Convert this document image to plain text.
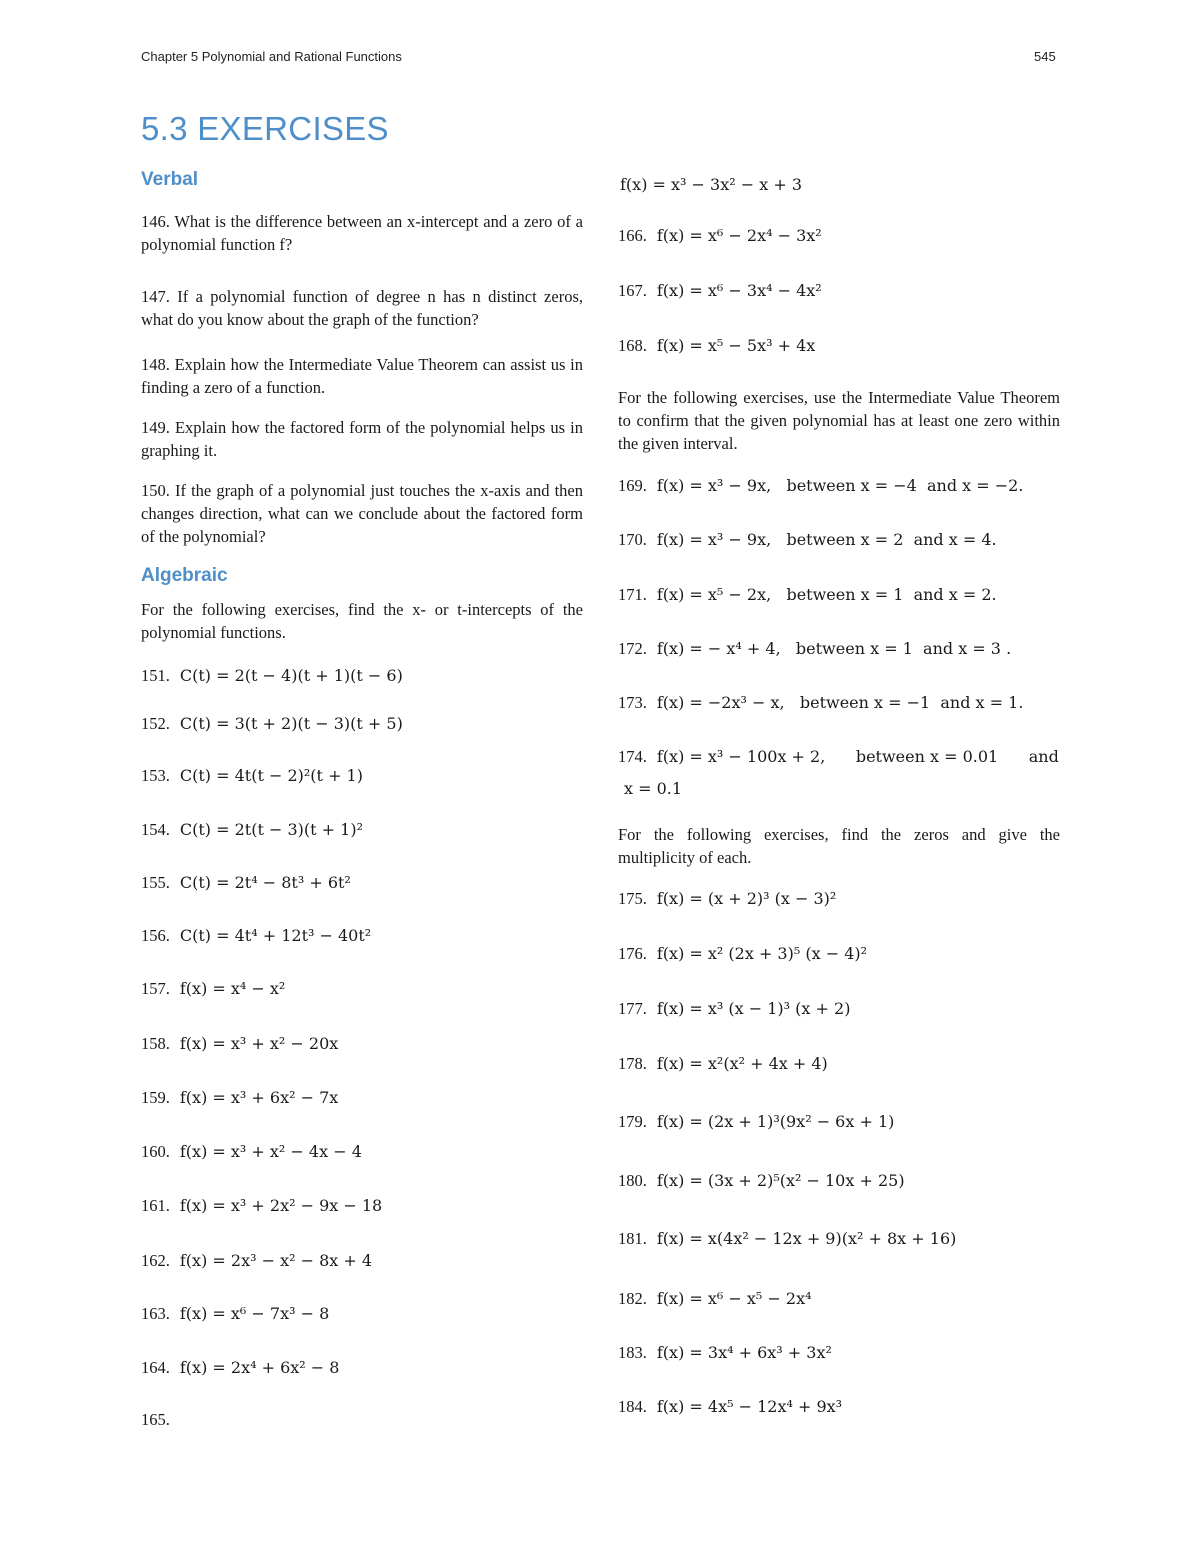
Chapter 5 Polynomial and Rational Functions	545
5.3 EXERCISES
Verbal
146. What is the difference between an x-intercept and a zero of a polynomial function f?
147. If a polynomial function of degree n has n distinct zeros, what do you know about the graph of the function?
148. Explain how the Intermediate Value Theorem can assist us in finding a zero of a function.
149. Explain how the factored form of the polynomial helps us in graphing it.
150. If the graph of a polynomial just touches the x-axis and then changes direction, what can we conclude about the factored form of the polynomial?
Algebraic
For the following exercises, find the x- or t-intercepts of the polynomial functions.
151. C(t) = 2(t − 4)(t + 1)(t − 6)
152. C(t) = 3(t + 2)(t − 3)(t + 5)
153. C(t) = 4t(t − 2)²(t + 1)
154. C(t) = 2t(t − 3)(t + 1)²
155. C(t) = 2t⁴ − 8t³ + 6t²
156. C(t) = 4t⁴ + 12t³ − 40t²
157. f(x) = x⁴ − x²
158. f(x) = x³ + x² − 20x
159. f(x) = x³ + 6x² − 7x
160. f(x) = x³ + x² − 4x − 4
161. f(x) = x³ + 2x² − 9x − 18
162. f(x) = 2x³ − x² − 8x + 4
163. f(x) = x⁶ − 7x³ − 8
164. f(x) = 2x⁴ + 6x² − 8
165.
f(x) = x³ − 3x² − x + 3
166. f(x) = x⁶ − 2x⁴ − 3x²
167. f(x) = x⁶ − 3x⁴ − 4x²
168. f(x) = x⁵ − 5x³ + 4x
For the following exercises, use the Intermediate Value Theorem to confirm that the given polynomial has at least one zero within the given interval.
169. f(x) = x³ − 9x,   between x = −4  and x = −2.
170. f(x) = x³ − 9x,   between x = 2  and x = 4.
171. f(x) = x⁵ − 2x,   between x = 1  and x = 2.
172. f(x) = − x⁴ + 4,   between x = 1  and x = 3 .
173. f(x) = −2x³ − x,   between x = −1  and x = 1.
174. f(x) = x³ − 100x + 2,      between x = 0.01      and
x = 0.1
For the following exercises, find the zeros and give the multiplicity of each.
175. f(x) = (x + 2)³ (x − 3)²
176. f(x) = x² (2x + 3)⁵ (x − 4)²
177. f(x) = x³ (x − 1)³ (x + 2)
178. f(x) = x²(x² + 4x + 4)
179. f(x) = (2x + 1)³(9x² − 6x + 1)
180. f(x) = (3x + 2)⁵(x² − 10x + 25)
181. f(x) = x(4x² − 12x + 9)(x² + 8x + 16)
182. f(x) = x⁶ − x⁵ − 2x⁴
183. f(x) = 3x⁴ + 6x³ + 3x²
184. f(x) = 4x⁵ − 12x⁴ + 9x³
